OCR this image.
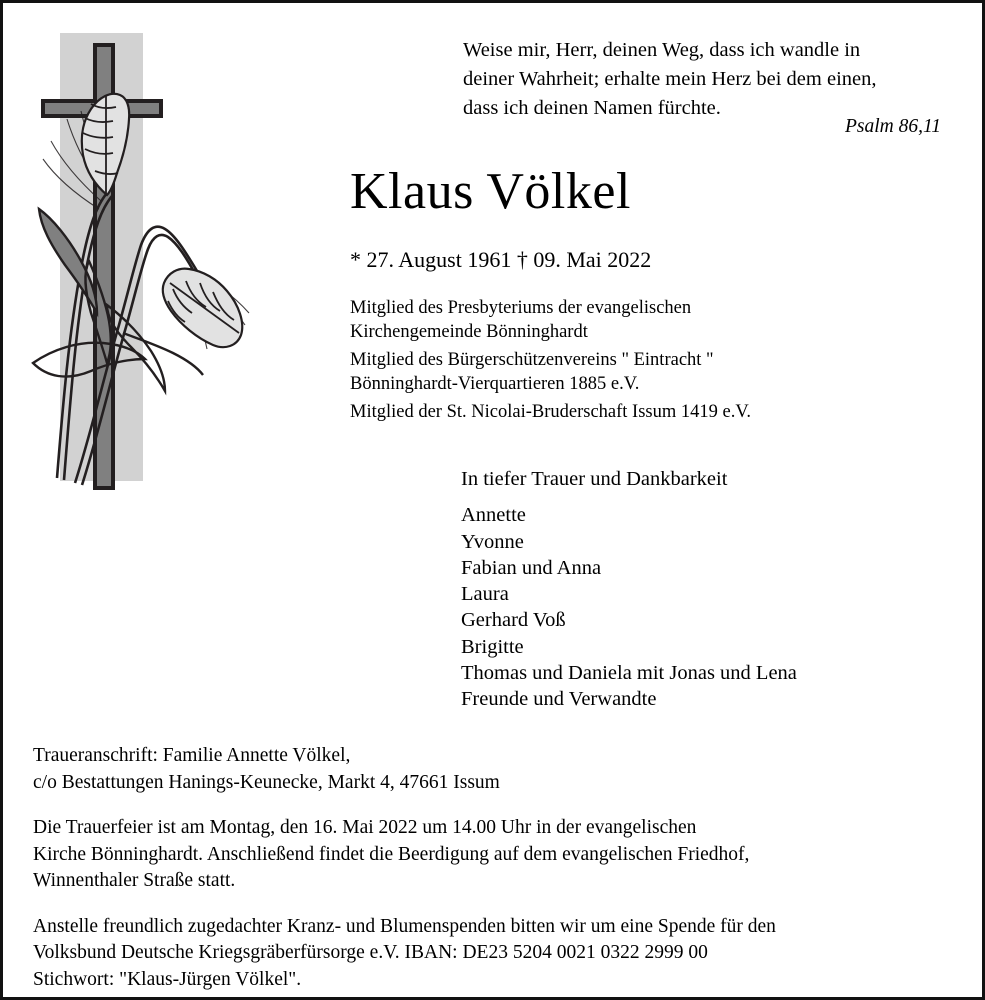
Weise mir, Herr, deinen Weg, dass ich wandle in
deiner Wahrheit; erhalte mein Herz bei dem einen,
dass ich deinen Namen fürchte.
Psalm 86,11
Klaus Völkel
* 27. August 1961 † 09. Mai 2022
Mitglied des Presbyteriums der evangelischen
Kirchengemeinde Bönninghardt
Mitglied des Bürgerschützenvereins " Eintracht "
Bönninghardt-Vierquartieren 1885 e.V.
Mitglied der St. Nicolai-Bruderschaft Issum 1419 e.V.
In tiefer Trauer und Dankbarkeit
Annette
Yvonne
Fabian und Anna
Laura
Gerhard Voß
Brigitte
Thomas und Daniela mit Jonas und Lena
Freunde und Verwandte
Traueranschrift: Familie Annette Völkel,
c/o Bestattungen Hanings-Keunecke, Markt 4, 47661 Issum
Die Trauerfeier ist am Montag, den 16. Mai 2022 um 14.00 Uhr in der evangelischen
Kirche Bönninghardt. Anschließend findet die Beerdigung auf dem evangelischen Friedhof,
Winnenthaler Straße statt.
Anstelle freundlich zugedachter Kranz- und Blumenspenden bitten wir um eine Spende für den
Volksbund Deutsche Kriegsgräberfürsorge e.V. IBAN: DE23 5204 0021 0322 2999 00
Stichwort: "Klaus-Jürgen Völkel".
